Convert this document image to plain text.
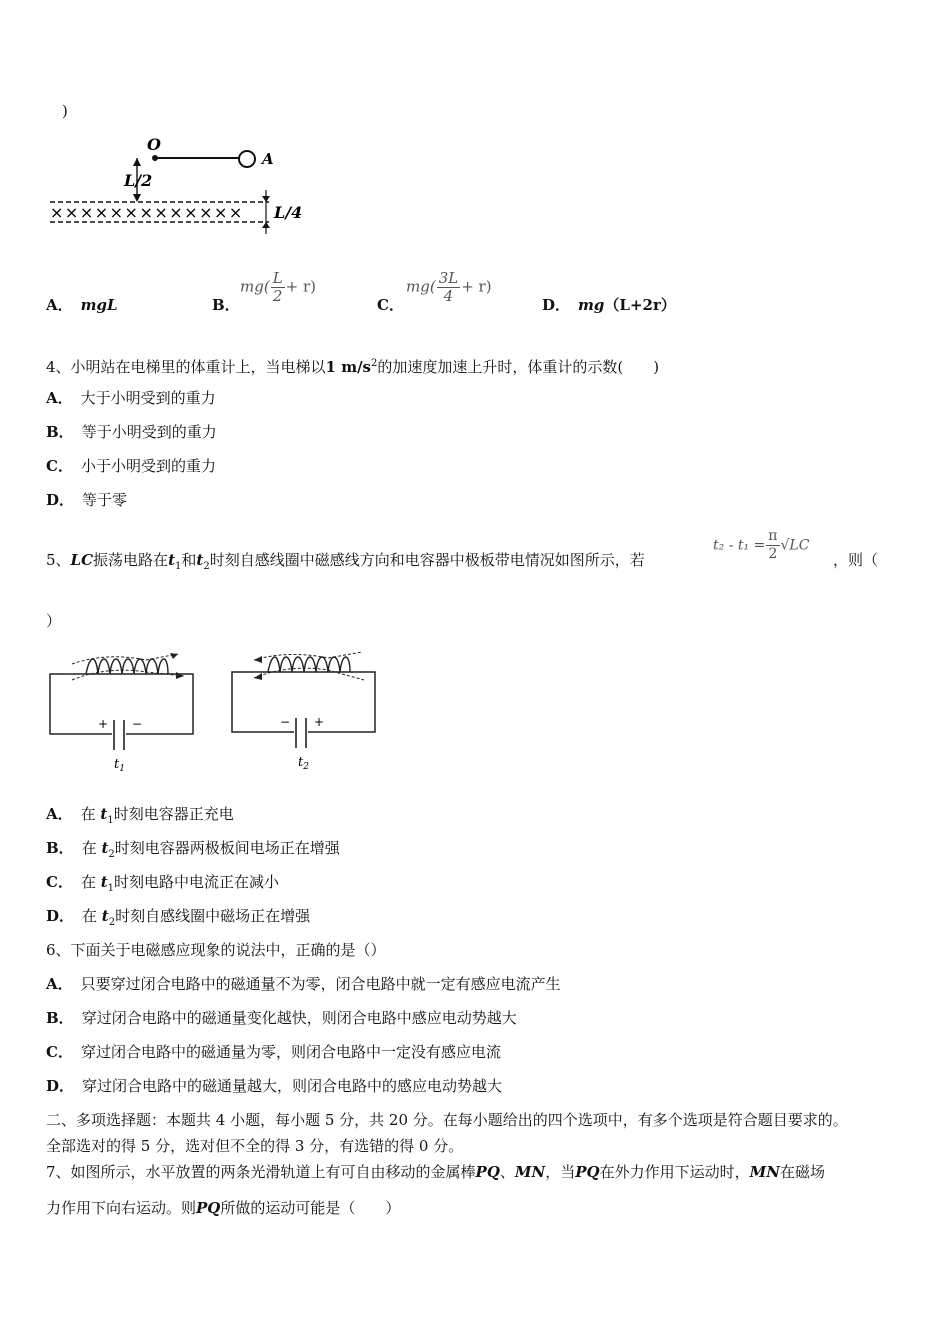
)
O
A
L/2
××××××××××××× L/4
A． mgL	B．
$mg( \frac{L}{2} + r)$
C．
$mg( \frac{3L}{4} + r)$
D． mg（L+2r）
4、小明站在电梯里的体重计上，当电梯以1 $m/s^2$的加速度加速上升时，体重计的示数(　　)
A． 大于小明受到的重力
B． 等于小明受到的重力
C． 小于小明受到的重力
D． 等于零
5、LC振荡电路在$t_1$和$t_2$时刻自感线圈中磁感线方向和电容器中极板带电情况如图所示，若
$t_2 - t_1 = \frac{\pi}{2} √LC$
，则（
）
+ −
$t_1$
− +
$t_2$
A． 在 $t_1$时刻电容器正充电
B． 在 $t_2$时刻电容器两极板间电场正在增强
C． 在 $t_1$时刻电路中电流正在减小
D． 在 $t_2$时刻自感线圈中磁场正在增强
6、下面关于电磁感应现象的说法中，正确的是（）
A． 只要穿过闭合电路中的磁通量不为零，闭合电路中就一定有感应电流产生
B． 穿过闭合电路中的磁通量变化越快，则闭合电路中感应电动势越大
C． 穿过闭合电路中的磁通量为零，则闭合电路中一定没有感应电流
D． 穿过闭合电路中的磁通量越大，则闭合电路中的感应电动势越大
二、多项选择题：本题共 4 小题，每小题 5 分，共 20 分。在每小题给出的四个选项中，有多个选项是符合题目要求的。
全部选对的得 5 分，选对但不全的得 3 分，有选错的得 0 分。
7、如图所示，水平放置的两条光滑轨道上有可自由移动的金属棒PQ、MN，当PQ在外力作用下运动时，MN在磁场
力作用下向右运动。则PQ所做的运动可能是（　　）
